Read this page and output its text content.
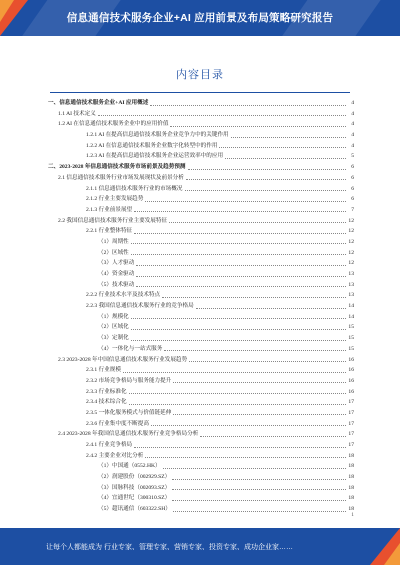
信息通信技术服务企业+AI 应用前景及布局策略研究报告
内容目录
一、信息通信技术服务企业+AI 应用概述	4
1.1 AI 技术定义	4
1.2 AI 在信息通信技术服务企业中的应用价值	4
1.2.1 AI 在提高信息通信技术服务企业竞争力中的关键作用	4
1.2.2 AI 在信息通信技术服务企业数字化转型中的作用	4
1.2.3 AI 在提高信息通信技术服务企业运营效率中的应用	5
二、2023-2028 年信息通信技术服务市场前景及趋势预测	6
2.1 信息通信技术服务行业市场发展现状及前景分析	6
2.1.1 信息通信技术服务行业的市场概况	6
2.1.2 行业主要发展趋势	6
2.1.3 行业前景展望	7
2.2 我国信息通信技术服务行业主要发展特征	12
2.2.1 行业整体特征	12
（1）周期性	12
（2）区域性	12
（3）人才驱动	12
（4）资金驱动	13
（5）技术驱动	13
2.2.2 行业技术水平及技术特点	13
2.2.3 我国信息通信技术服务行业的竞争格局	14
（1）规模化	14
（2）区域化	15
（3）定制化	15
（4）一体化与一站式服务	15
2.3 2023-2028 年中国信息通信技术服务行业发展趋势	16
2.3.1 行业规模	16
2.3.2 市场竞争格局与服务能力提升	16
2.3.3 行业标准化	16
2.3.4 技术综合化	17
2.3.5 一体化服务模式与价值链延伸	17
2.3.6 行业集中度不断提高	17
2.4 2023-2028 年我国信息通信技术服务行业竞争格局分析	17
2.4.1 行业竞争格局	17
2.4.2 主要企业对比分析	18
（1）中国通（0552.HK）	18
（2）润建股份（002929.SZ）	18
（3）国脉科技（002093.SZ）	18
（4）宜通世纪（300310.SZ）	18
（5）超讯通信（603322.SH）	18
1
让每个人都能成为 行业专家、管理专家、营销专家、投资专家、成功企业家……
